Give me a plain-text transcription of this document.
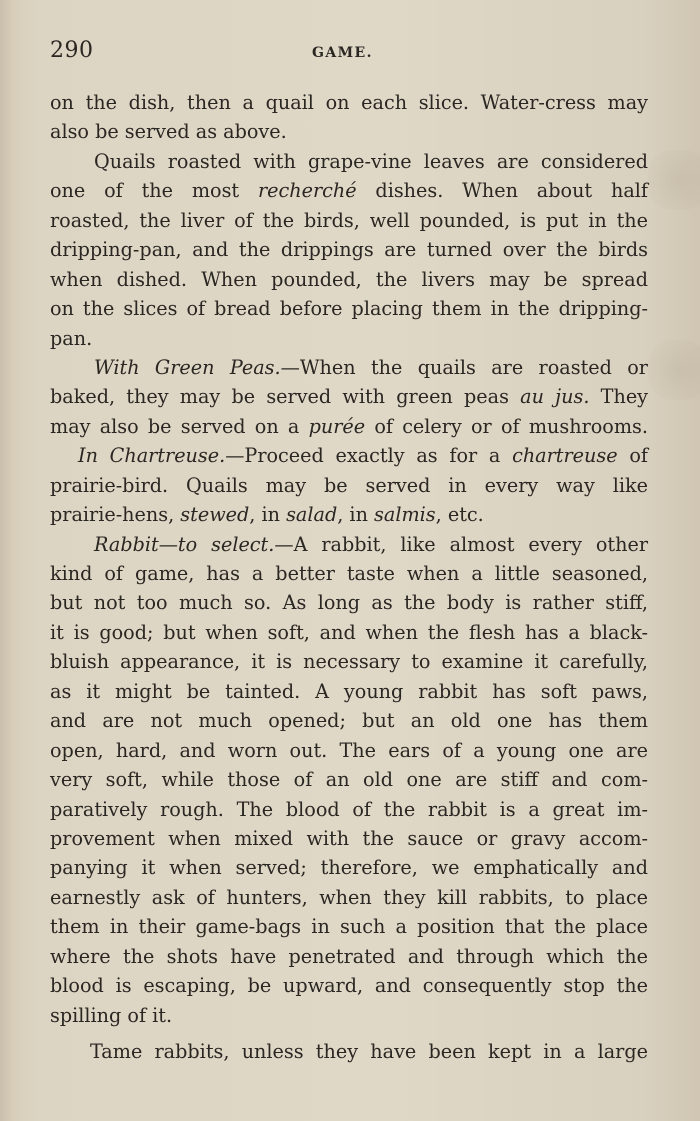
290	GAME.
on the dish, then a quail on each slice. Water-cress may
also be served as above.
Quails roasted with grape-vine leaves are considered
one of the most recherché dishes. When about half
roasted, the liver of the birds, well pounded, is put in the
dripping-pan, and the drippings are turned over the birds
when dished. When pounded, the livers may be spread
on the slices of bread before placing them in the dripping-
pan.
With Green Peas.—When the quails are roasted or
baked, they may be served with green peas au jus. They
may also be served on a purée of celery or of mushrooms.
In Chartreuse.—Proceed exactly as for a chartreuse of
prairie-bird. Quails may be served in every way like
prairie-hens, stewed, in salad, in salmis, etc.
Rabbit—to select.—A rabbit, like almost every other
kind of game, has a better taste when a little seasoned,
but not too much so. As long as the body is rather stiff,
it is good; but when soft, and when the flesh has a black-
bluish appearance, it is necessary to examine it carefully,
as it might be tainted. A young rabbit has soft paws,
and are not much opened; but an old one has them
open, hard, and worn out. The ears of a young one are
very soft, while those of an old one are stiff and com-
paratively rough. The blood of the rabbit is a great im-
provement when mixed with the sauce or gravy accom-
panying it when served; therefore, we emphatically and
earnestly ask of hunters, when they kill rabbits, to place
them in their game-bags in such a position that the place
where the shots have penetrated and through which the
blood is escaping, be upward, and consequently stop the
spilling of it.
Tame rabbits, unless they have been kept in a large
